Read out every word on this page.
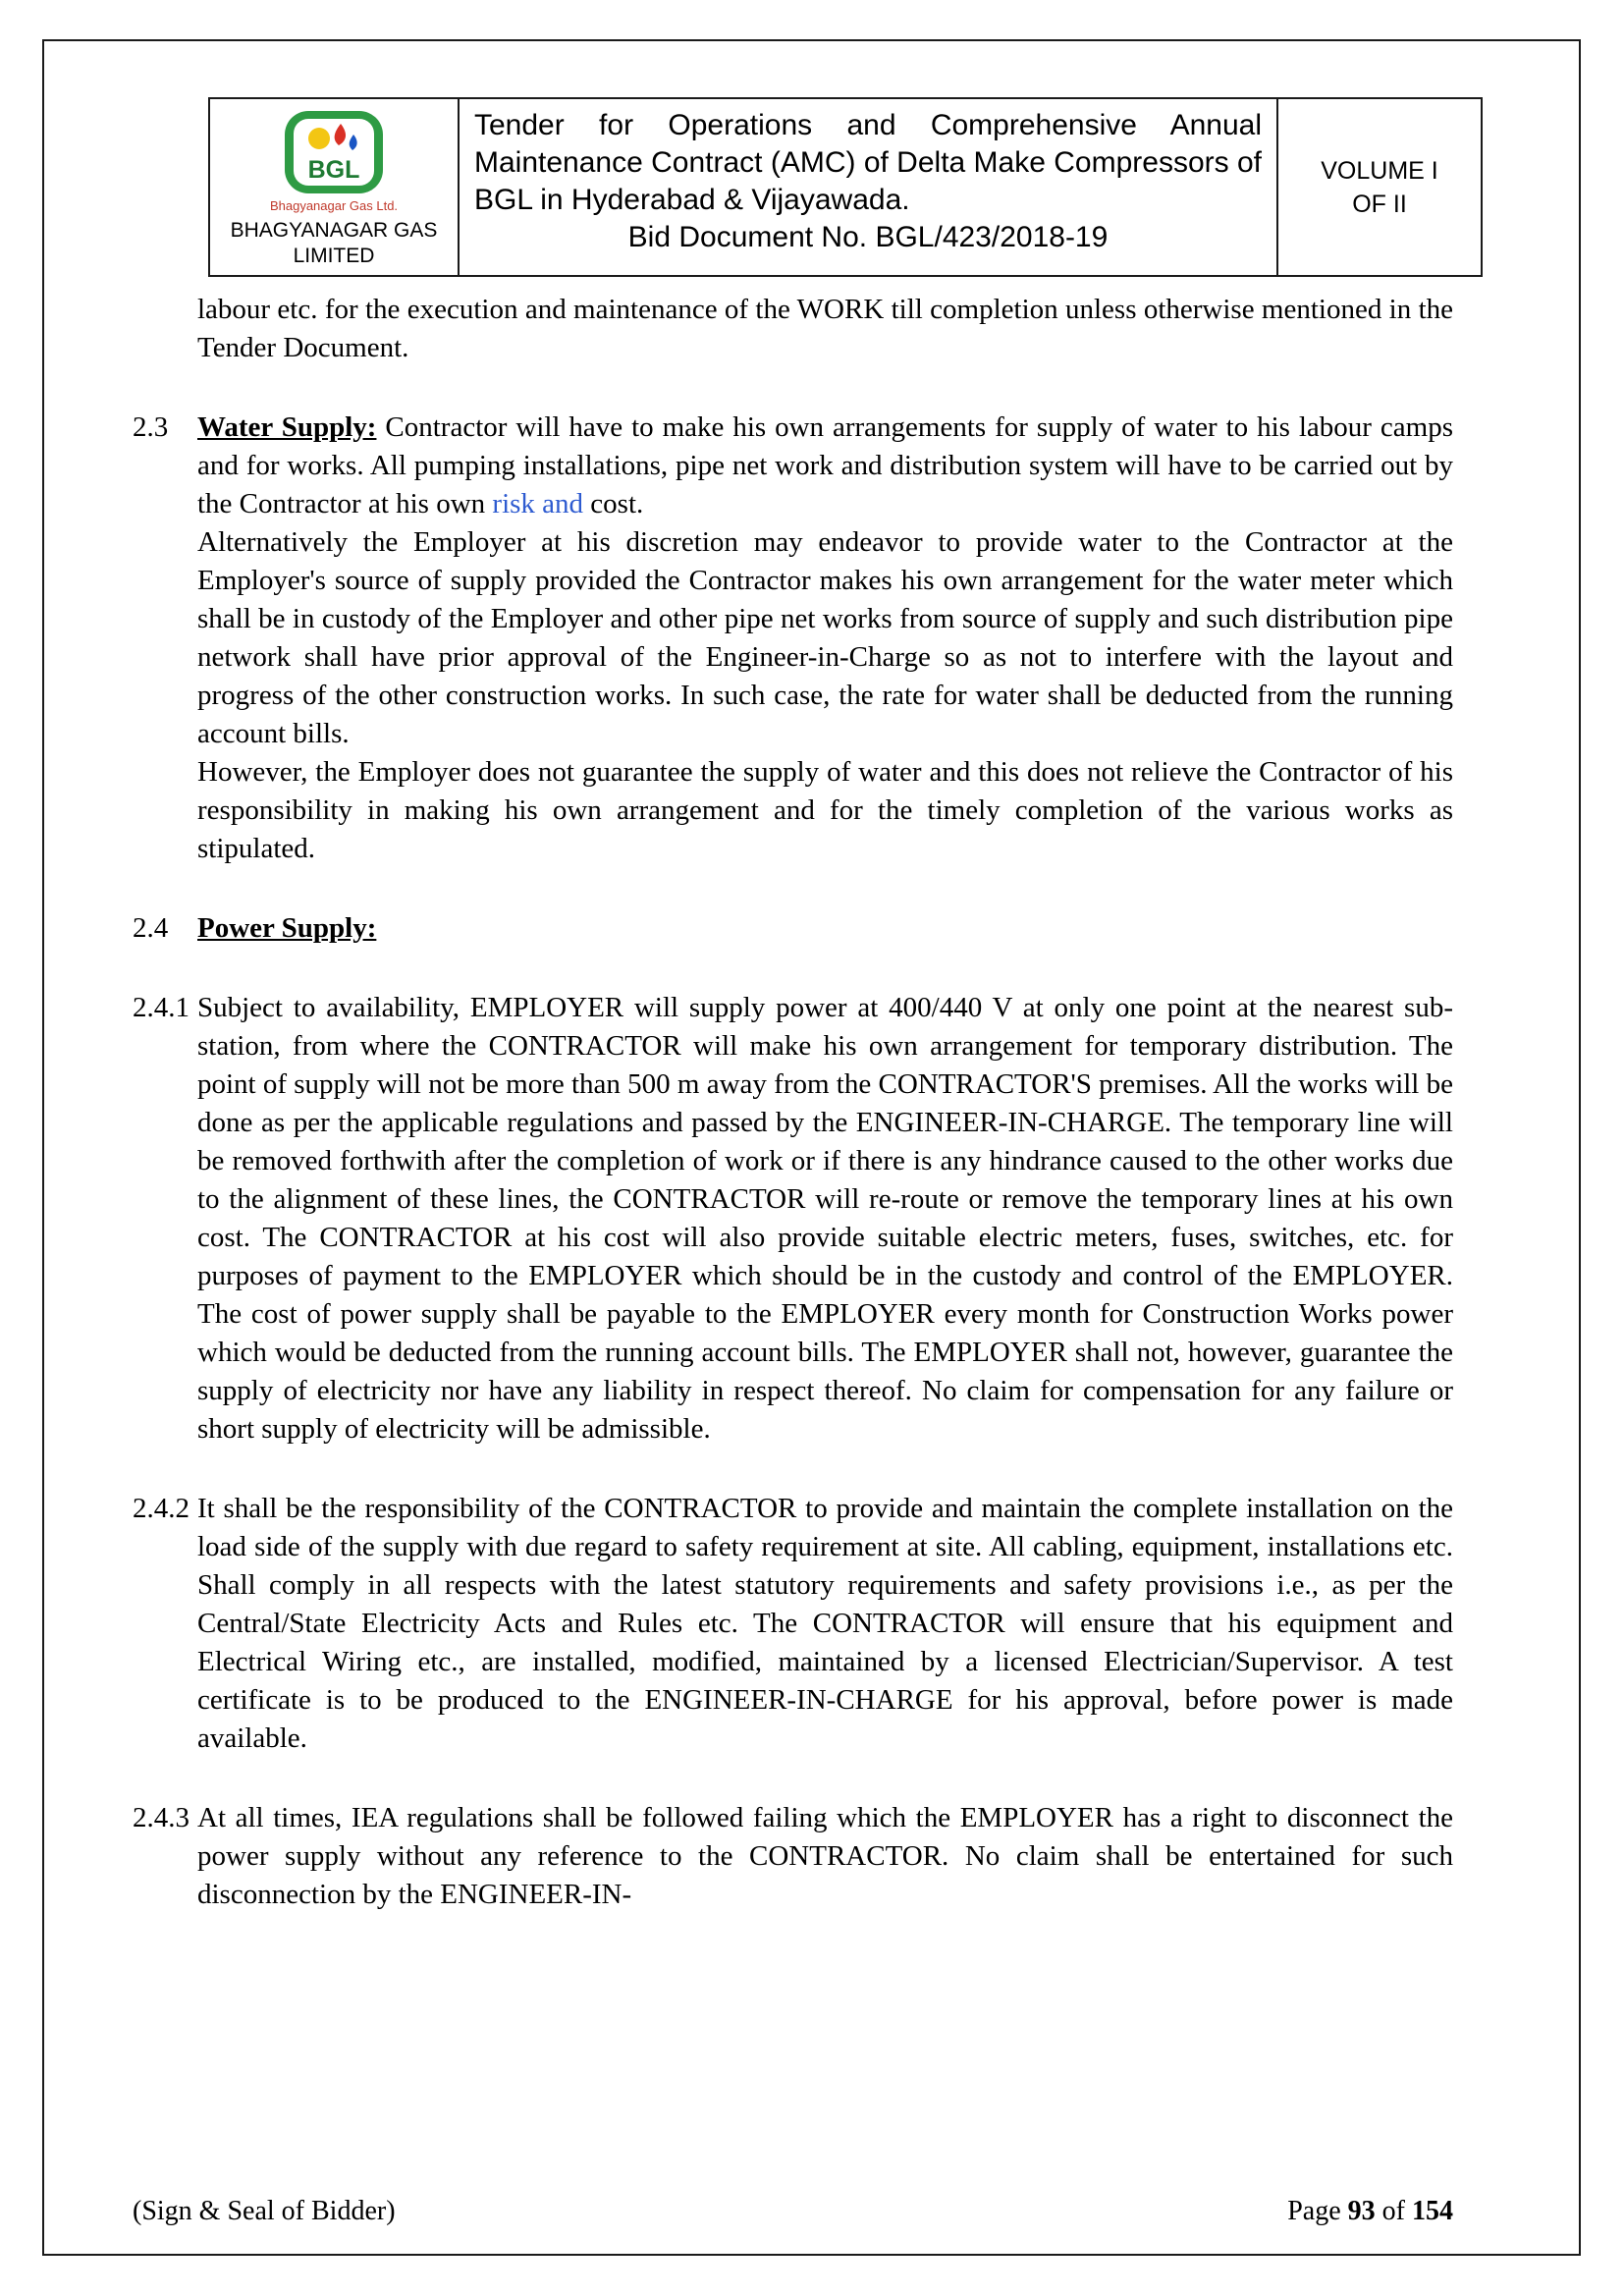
BGL
Bhagyanagar Gas Ltd.
BHAGYANAGAR GAS LIMITED
Tender for Operations and Comprehensive Annual Maintenance Contract (AMC) of Delta Make Compressors of BGL in Hyderabad & Vijayawada.
Bid Document No. BGL/423/2018-19
VOLUME I
OF II
labour etc. for the execution and maintenance of the WORK till completion unless otherwise mentioned in the Tender Document.
2.3	Water Supply: Contractor will have to make his own arrangements for supply of water to his labour camps and for works. All pumping installations, pipe net work and distribution system will have to be carried out by the Contractor at his own risk and cost.
Alternatively the Employer at his discretion may endeavor to provide water to the Contractor at the Employer's source of supply provided the Contractor makes his own arrangement for the water meter which shall be in custody of the Employer and other pipe net works from source of supply and such distribution pipe network shall have prior approval of the Engineer-in-Charge so as not to interfere with the layout and progress of the other construction works. In such case, the rate for water shall be deducted from the running account bills.
However, the Employer does not guarantee the supply of water and this does not relieve the Contractor of his responsibility in making his own arrangement and for the timely completion of the various works as stipulated.
2.4	Power Supply:
2.4.1 Subject to availability, EMPLOYER will supply power at 400/440 V at only one point at the nearest sub-station, from where the CONTRACTOR will make his own arrangement for temporary distribution. The point of supply will not be more than 500 m away from the CONTRACTOR'S premises. All the works will be done as per the applicable regulations and passed by the ENGINEER-IN-CHARGE. The temporary line will be removed forthwith after the completion of work or if there is any hindrance caused to the other works due to the alignment of these lines, the CONTRACTOR will re-route or remove the temporary lines at his own cost. The CONTRACTOR at his cost will also provide suitable electric meters, fuses, switches, etc. for purposes of payment to the EMPLOYER which should be in the custody and control of the EMPLOYER. The cost of power supply shall be payable to the EMPLOYER every month for Construction Works power which would be deducted from the running account bills. The EMPLOYER shall not, however, guarantee the supply of electricity nor have any liability in respect thereof. No claim for compensation for any failure or short supply of electricity will be admissible.
2.4.2 It shall be the responsibility of the CONTRACTOR to provide and maintain the complete installation on the load side of the supply with due regard to safety requirement at site. All cabling, equipment, installations etc. Shall comply in all respects with the latest statutory requirements and safety provisions i.e., as per the Central/State Electricity Acts and Rules etc. The CONTRACTOR will ensure that his equipment and Electrical Wiring etc., are installed, modified, maintained by a licensed Electrician/Supervisor. A test certificate is to be produced to the ENGINEER-IN-CHARGE for his approval, before power is made available.
2.4.3 At all times, IEA regulations shall be followed failing which the EMPLOYER has a right to disconnect the power supply without any reference to the CONTRACTOR. No claim shall be entertained for such disconnection by the ENGINEER-IN-
(Sign & Seal of Bidder)	Page 93 of 154
